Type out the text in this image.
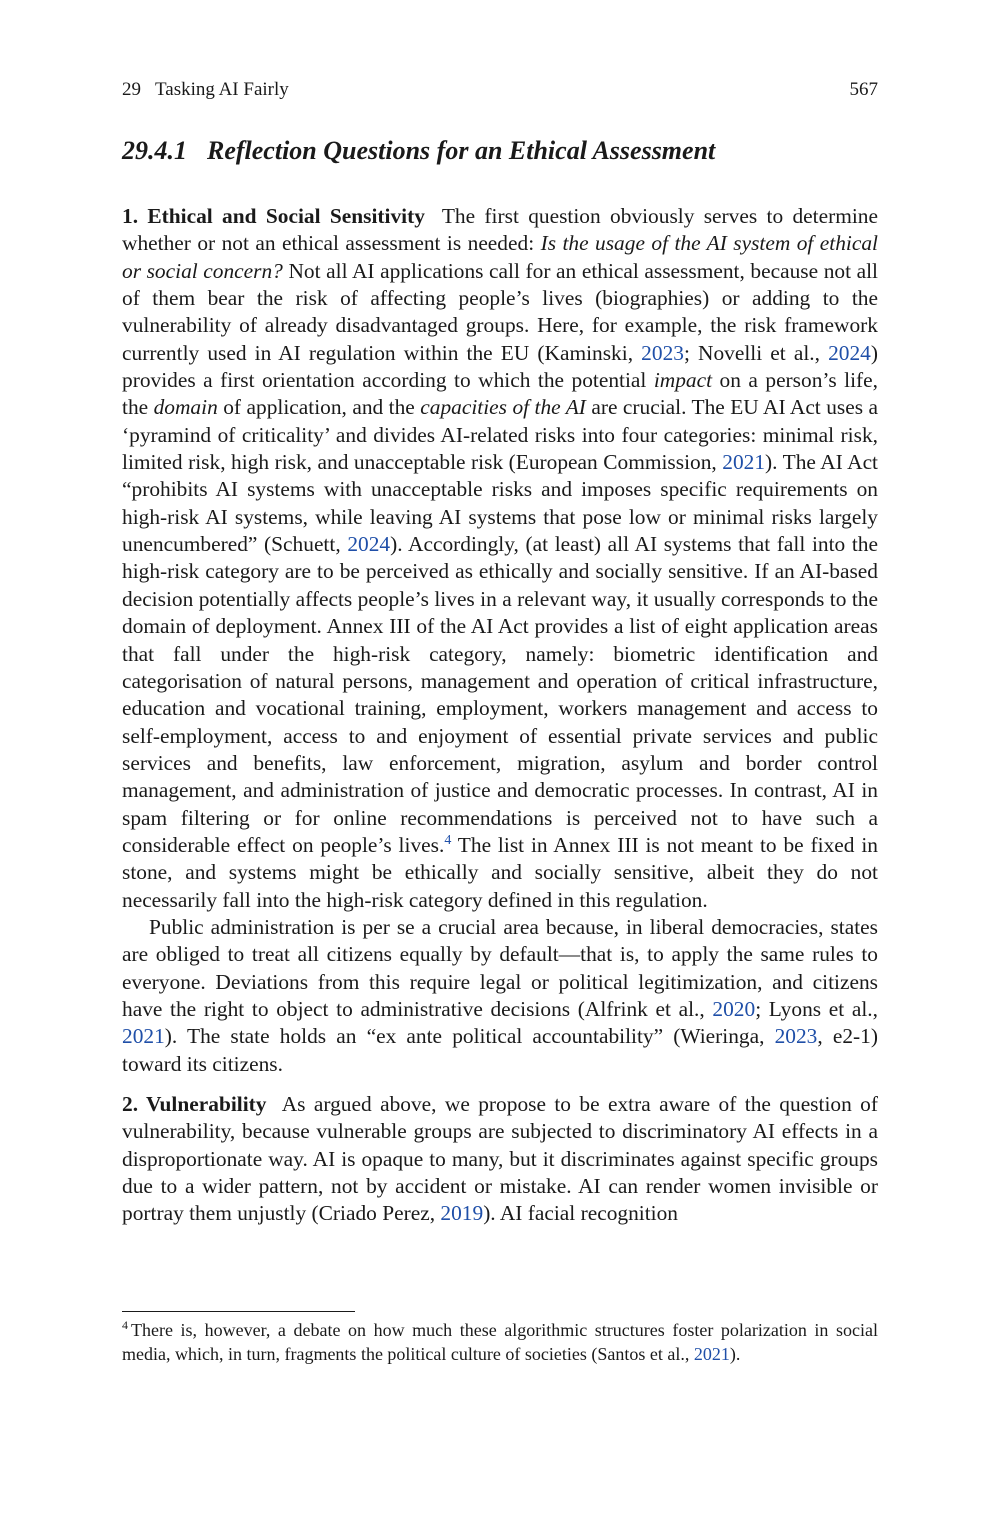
29 Tasking AI Fairly	567
29.4.1 Reflection Questions for an Ethical Assessment

1. Ethical and Social Sensitivity The first question obviously serves to determine whether or not an ethical assessment is needed: Is the usage of the AI system of ethical or social concern? Not all AI applications call for an ethical assessment, because not all of them bear the risk of affecting people’s lives (biographies) or adding to the vulnerability of already disadvantaged groups. Here, for example, the risk framework currently used in AI regulation within the EU (Kaminski, 2023; Novelli et al., 2024) provides a first orientation according to which the potential impact on a person’s life, the domain of application, and the capacities of the AI are crucial. The EU AI Act uses a ‘pyramind of criticality’ and divides AI-related risks into four categories: minimal risk, limited risk, high risk, and unacceptable risk (European Commission, 2021). The AI Act “prohibits AI systems with unacceptable risks and imposes specific requirements on high-risk AI systems, while leaving AI systems that pose low or minimal risks largely unencumbered” (Schuett, 2024). Accordingly, (at least) all AI systems that fall into the high-risk category are to be perceived as ethically and socially sensitive. If an AI-based decision potentially affects people’s lives in a relevant way, it usually corresponds to the domain of deployment. Annex III of the AI Act provides a list of eight application areas that fall under the high-risk category, namely: biometric identification and categorisation of natural persons, management and operation of critical infrastructure, education and vocational training, employment, workers management and access to self-employment, access to and enjoyment of essential private services and public services and benefits, law enforcement, migration, asylum and border control management, and administration of justice and democratic processes. In contrast, AI in spam filtering or for online recommendations is perceived not to have such a considerable effect on people’s lives.$^4$ The list in Annex III is not meant to be fixed in stone, and systems might be ethically and socially sensitive, albeit they do not necessarily fall into the high-risk category defined in this regulation.

Public administration is per se a crucial area because, in liberal democracies, states are obliged to treat all citizens equally by default—that is, to apply the same rules to everyone. Deviations from this require legal or political legitimization, and citizens have the right to object to administrative decisions (Alfrink et al., 2020; Lyons et al., 2021). The state holds an “ex ante political accountability” (Wieringa, 2023, e2-1) toward its citizens.

2. Vulnerability As argued above, we propose to be extra aware of the question of vulnerability, because vulnerable groups are subjected to discriminatory AI effects in a disproportionate way. AI is opaque to many, but it discriminates against specific groups due to a wider pattern, not by accident or mistake. AI can render women invisible or portray them unjustly (Criado Perez, 2019). AI facial recognition

$^4$ There is, however, a debate on how much these algorithmic structures foster polarization in social media, which, in turn, fragments the political culture of societies (Santos et al., 2021).
